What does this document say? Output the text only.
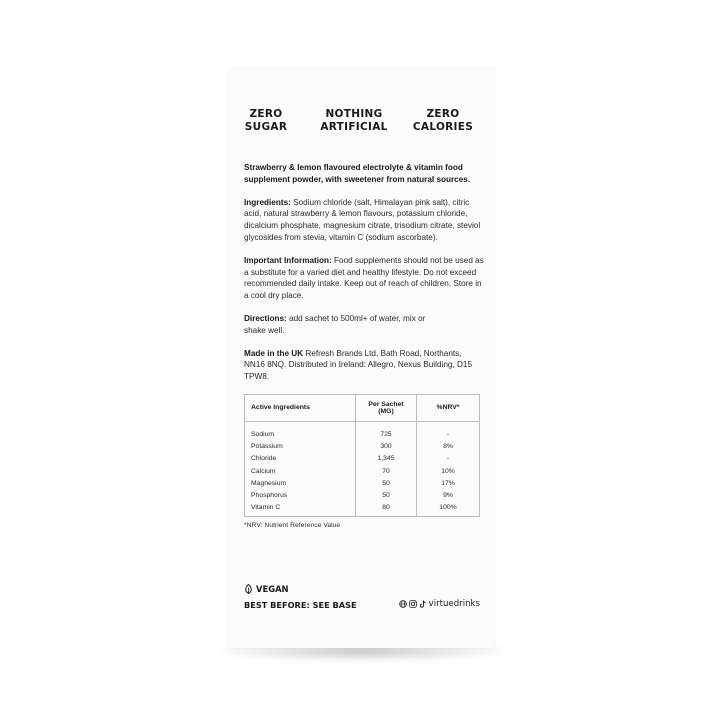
ZERO
SUGAR
NOTHING
ARTIFICIAL
ZERO
CALORIES

Strawberry & lemon flavoured electrolyte & vitamin food supplement powder, with sweetener from natural sources.

Ingredients: Sodium chloride (salt, Himalayan pink salt), citric acid, natural strawberry & lemon flavours, potassium chloride, dicalcium phosphate, magnesium citrate, trisodium citrate, steviol glycosides from stevia, vitamin C (sodium ascorbate).

Important Information: Food supplements should not be used as a substitute for a varied diet and healthy lifestyle. Do not exceed recommended daily intake. Keep out of reach of children. Store in a cool dry place.

Directions: add sachet to 500ml+ of water, mix or shake well.

Made in the UK Refresh Brands Ltd, Bath Road, Northants, NN16 8NQ. Distributed in Ireland: Allegro, Nexus Building, D15 TPW8.

Active Ingredients	Per Sachet (MG)	%NRV*
Sodium	725	-
Potassium	300	8%
Chloride	1,345	-
Calcium	70	10%
Magnesium	50	17%
Phosphorus	50	9%
Vitamin C	80	100%
*NRV: Nutrient Reference Value
VEGAN
BEST BEFORE: SEE BASE	virtuedrinks
